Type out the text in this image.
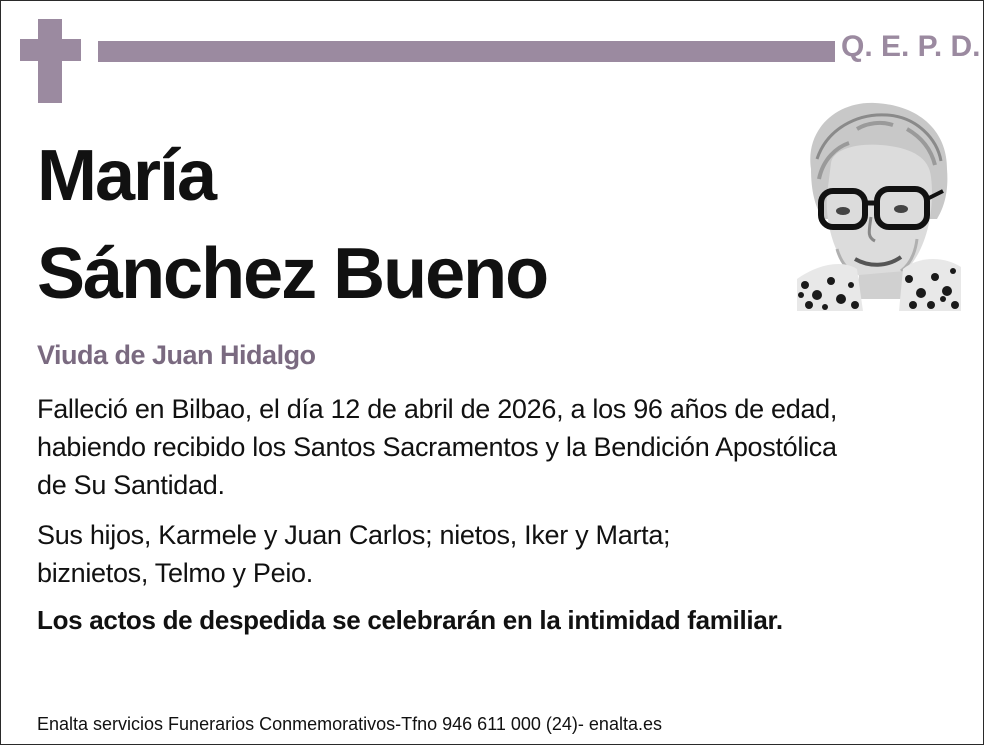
Q. E. P. D.
María
Sánchez Bueno
Viuda de Juan Hidalgo
Falleció en Bilbao, el día 12 de abril de 2026, a los 96 años de edad,
habiendo recibido los Santos Sacramentos y la Bendición Apostólica
de Su Santidad.
Sus hijos, Karmele y Juan Carlos; nietos, Iker y Marta;
biznietos, Telmo y Peio.
Los actos de despedida se celebrarán en la intimidad familiar.
Enalta servicios Funerarios Conmemorativos-Tfno 946 611 000 (24)- enalta.es
